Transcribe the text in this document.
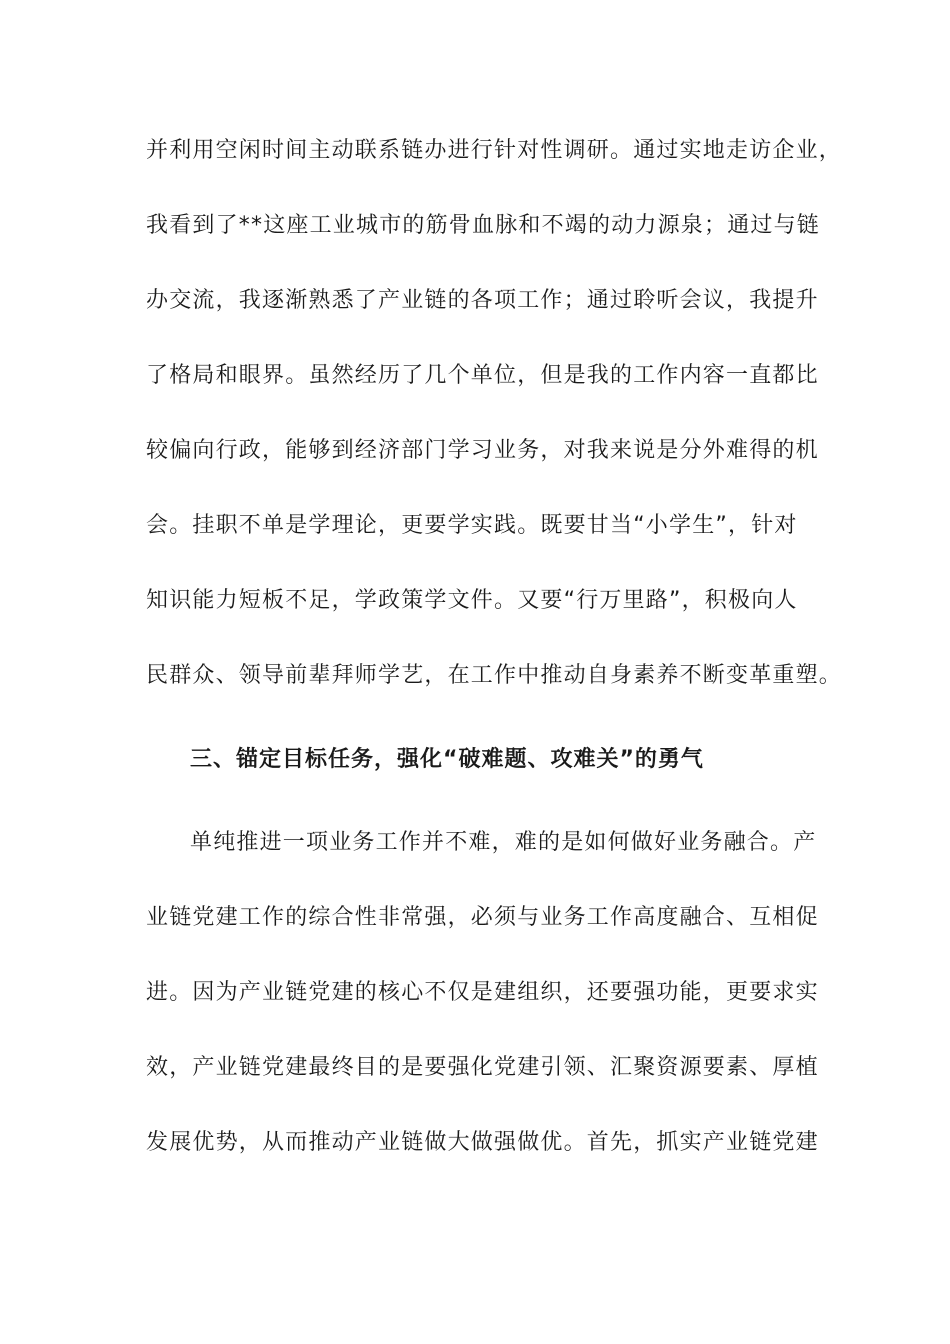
并利用空闲时间主动联系链办进行针对性调研。通过实地走访企业，
我看到了**这座工业城市的筋骨血脉和不竭的动力源泉；通过与链
办交流，我逐渐熟悉了产业链的各项工作；通过聆听会议，我提升
了格局和眼界。虽然经历了几个单位，但是我的工作内容一直都比
较偏向行政，能够到经济部门学习业务，对我来说是分外难得的机
会。挂职不单是学理论，更要学实践。既要甘当“小学生”，针对
知识能力短板不足，学政策学文件。又要“行万里路”，积极向人
民群众、领导前辈拜师学艺，在工作中推动自身素养不断变革重塑。
三、锚定目标任务，强化“破难题、攻难关”的勇气
单纯推进一项业务工作并不难，难的是如何做好业务融合。产
业链党建工作的综合性非常强，必须与业务工作高度融合、互相促
进。因为产业链党建的核心不仅是建组织，还要强功能，更要求实
效，产业链党建最终目的是要强化党建引领、汇聚资源要素、厚植
发展优势，从而推动产业链做大做强做优。首先，抓实产业链党建
